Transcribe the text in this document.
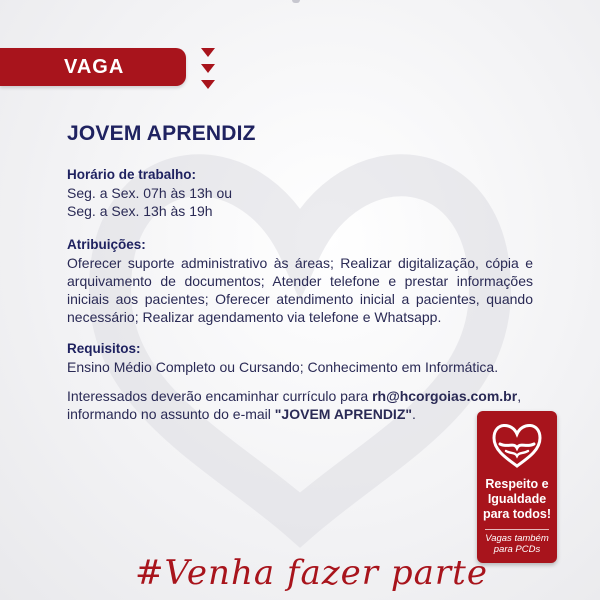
VAGA
JOVEM APRENDIZ
Horário de trabalho:
Seg. a Sex. 07h às 13h ou
Seg. a Sex. 13h às 19h
Atribuições:
Oferecer suporte administrativo às áreas; Realizar digitalização, cópia e arquivamento de documentos; Atender telefone e prestar informações iniciais aos pacientes; Oferecer atendimento inicial a pacientes, quando necessário; Realizar agendamento via telefone e Whatsapp.
Requisitos:
Ensino Médio Completo ou Cursando; Conhecimento em Informática.
Interessados deverão encaminhar currículo para rh@hcorgoias.com.br,
informando no assunto do e-mail "JOVEM APRENDIZ".
Respeito e Igualdade para todos!
Vagas também para PCDs
#Venha fazer parte
